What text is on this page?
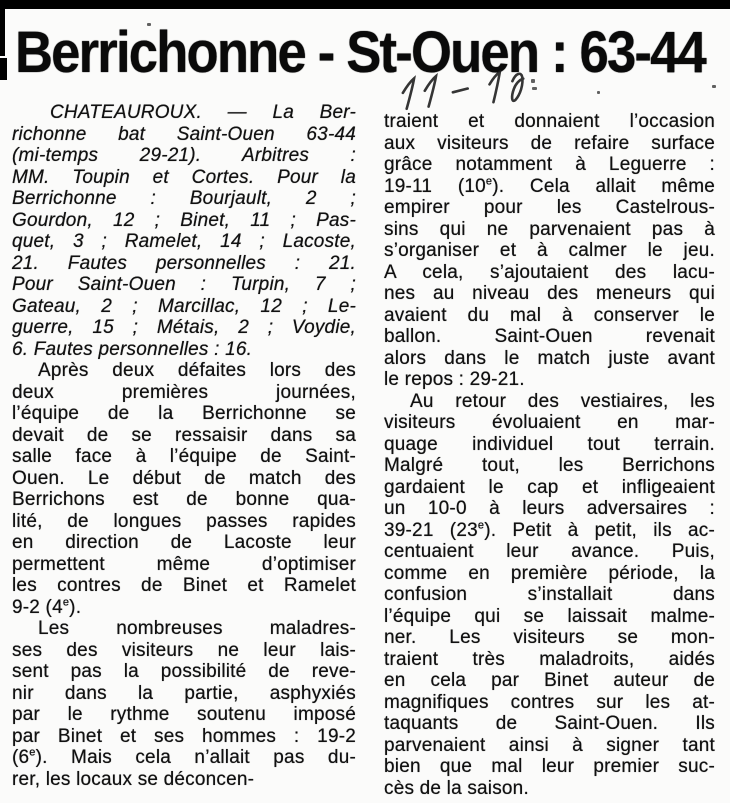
Berrichonne - St-Ouen : 63-44
CHATEAUROUX. — La Ber-
richonne bat Saint-Ouen 63-44
(mi-temps 29-21). Arbitres :
MM. Toupin et Cortes. Pour la
Berrichonne : Bourjault, 2 ;
Gourdon, 12 ; Binet, 11 ; Pas-
quet, 3 ; Ramelet, 14 ; Lacoste,
21. Fautes personnelles : 21.
Pour Saint-Ouen : Turpin, 7 ;
Gateau, 2 ; Marcillac, 12 ; Le-
guerre, 15 ; Métais, 2 ; Voydie,
6. Fautes personnelles : 16.
Après deux défaites lors des
deux premières journées,
l’équipe de la Berrichonne se
devait de se ressaisir dans sa
salle face à l’équipe de Saint-
Ouen. Le début de match des
Berrichons est de bonne qua-
lité, de longues passes rapides
en direction de Lacoste leur
permettent même d’optimiser
les contres de Binet et Ramelet
9-2 (4e).
Les nombreuses maladres-
ses des visiteurs ne leur lais-
sent pas la possibilité de reve-
nir dans la partie, asphyxiés
par le rythme soutenu imposé
par Binet et ses hommes : 19-2
(6e). Mais cela n’allait pas du-
rer, les locaux se déconcen-
traient et donnaient l’occasion
aux visiteurs de refaire surface
grâce notamment à Leguerre :
19-11 (10e). Cela allait même
empirer pour les Castelrous-
sins qui ne parvenaient pas à
s’organiser et à calmer le jeu.
A cela, s’ajoutaient des lacu-
nes au niveau des meneurs qui
avaient du mal à conserver le
ballon. Saint-Ouen revenait
alors dans le match juste avant
le repos : 29-21.
Au retour des vestiaires, les
visiteurs évoluaient en mar-
quage individuel tout terrain.
Malgré tout, les Berrichons
gardaient le cap et infligeaient
un 10-0 à leurs adversaires :
39-21 (23e). Petit à petit, ils ac-
centuaient leur avance. Puis,
comme en première période, la
confusion s’installait dans
l’équipe qui se laissait malme-
ner. Les visiteurs se mon-
traient très maladroits, aidés
en cela par Binet auteur de
magnifiques contres sur les at-
taquants de Saint-Ouen. Ils
parvenaient ainsi à signer tant
bien que mal leur premier suc-
cès de la saison.
